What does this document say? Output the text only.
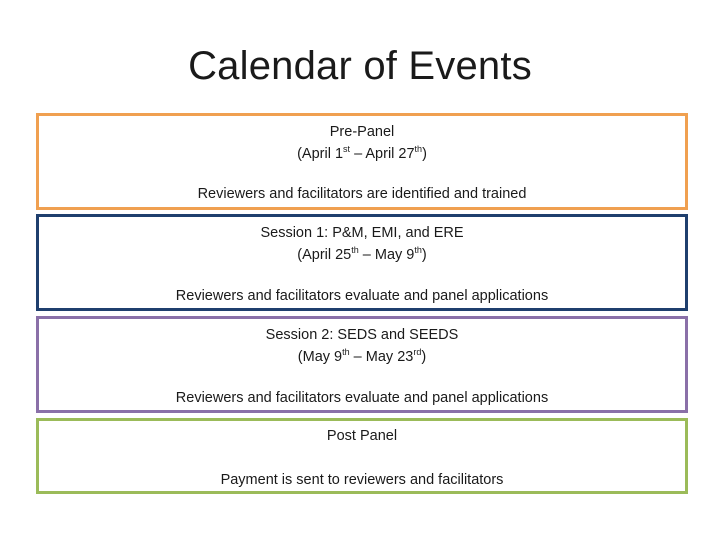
Calendar of Events
Pre-Panel
(April 1st – April 27th)
Reviewers and facilitators are identified and trained
Session 1: P&M, EMI, and ERE
(April 25th – May 9th)
Reviewers and facilitators evaluate and panel applications
Session 2: SEDS and SEEDS
(May 9th – May 23rd)
Reviewers and facilitators evaluate and panel applications
Post Panel
Payment is sent to reviewers and facilitators
